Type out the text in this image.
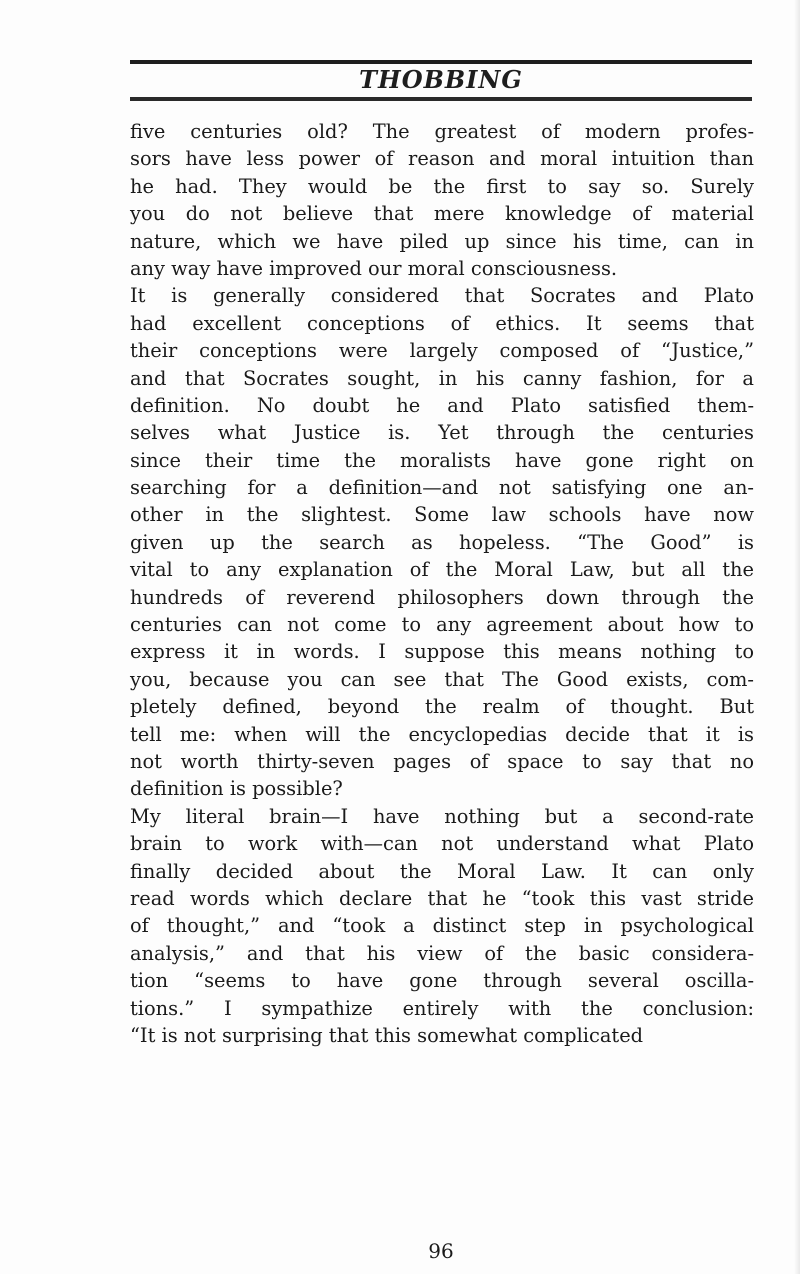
THOBBING
five centuries old? The greatest of modern profes-
sors have less power of reason and moral intuition than
he had. They would be the first to say so. Surely
you do not believe that mere knowledge of material
nature, which we have piled up since his time, can in
any way have improved our moral consciousness.
It is generally considered that Socrates and Plato
had excellent conceptions of ethics. It seems that
their conceptions were largely composed of “Justice,”
and that Socrates sought, in his canny fashion, for a
definition. No doubt he and Plato satisfied them-
selves what Justice is. Yet through the centuries
since their time the moralists have gone right on
searching for a definition—and not satisfying one an-
other in the slightest. Some law schools have now
given up the search as hopeless. “The Good” is
vital to any explanation of the Moral Law, but all the
hundreds of reverend philosophers down through the
centuries can not come to any agreement about how to
express it in words. I suppose this means nothing to
you, because you can see that The Good exists, com-
pletely defined, beyond the realm of thought. But
tell me: when will the encyclopedias decide that it is
not worth thirty-seven pages of space to say that no
definition is possible?
My literal brain—I have nothing but a second-rate
brain to work with—can not understand what Plato
finally decided about the Moral Law. It can only
read words which declare that he “took this vast stride
of thought,” and “took a distinct step in psychological
analysis,” and that his view of the basic considera-
tion “seems to have gone through several oscilla-
tions.” I sympathize entirely with the conclusion:
“It is not surprising that this somewhat complicated
96
